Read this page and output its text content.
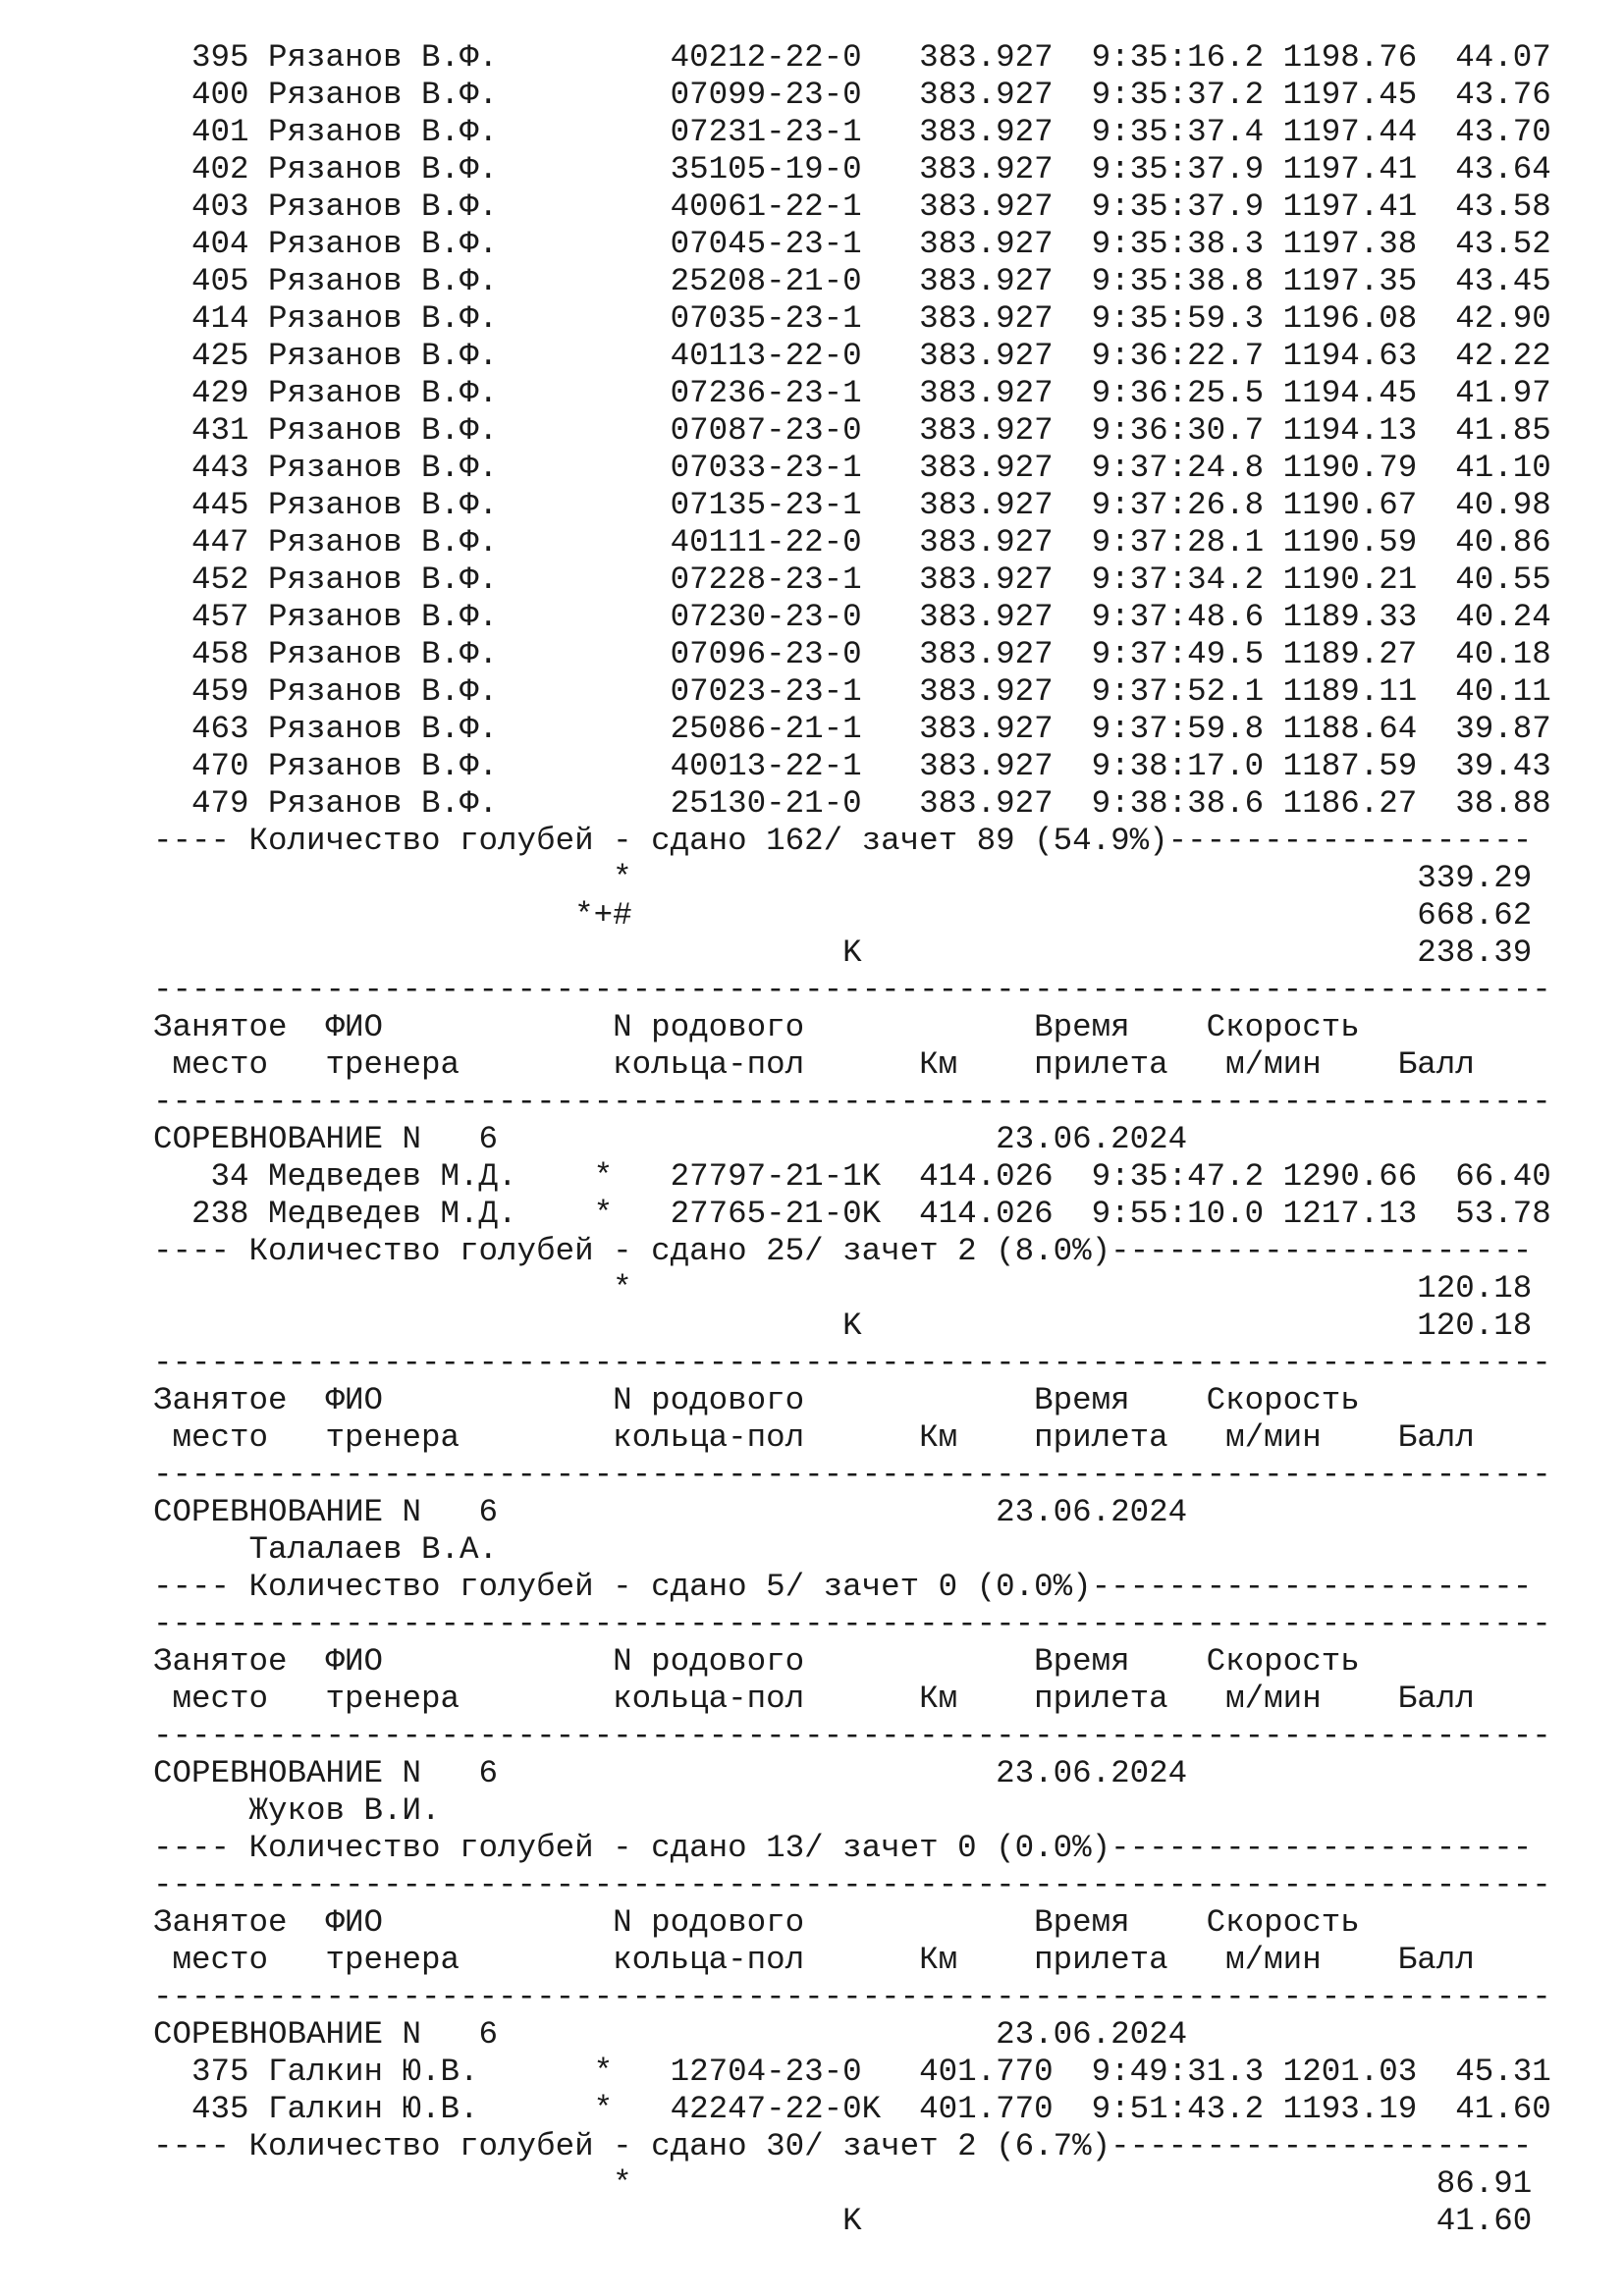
395 Рязанов В.Ф.         40212-22-0   383.927  9:35:16.2 1198.76  44.07
400 Рязанов В.Ф.         07099-23-0   383.927  9:35:37.2 1197.45  43.76
401 Рязанов В.Ф.         07231-23-1   383.927  9:35:37.4 1197.44  43.70
402 Рязанов В.Ф.         35105-19-0   383.927  9:35:37.9 1197.41  43.64
403 Рязанов В.Ф.         40061-22-1   383.927  9:35:37.9 1197.41  43.58
404 Рязанов В.Ф.         07045-23-1   383.927  9:35:38.3 1197.38  43.52
405 Рязанов В.Ф.         25208-21-0   383.927  9:35:38.8 1197.35  43.45
414 Рязанов В.Ф.         07035-23-1   383.927  9:35:59.3 1196.08  42.90
425 Рязанов В.Ф.         40113-22-0   383.927  9:36:22.7 1194.63  42.22
429 Рязанов В.Ф.         07236-23-1   383.927  9:36:25.5 1194.45  41.97
431 Рязанов В.Ф.         07087-23-0   383.927  9:36:30.7 1194.13  41.85
443 Рязанов В.Ф.         07033-23-1   383.927  9:37:24.8 1190.79  41.10
445 Рязанов В.Ф.         07135-23-1   383.927  9:37:26.8 1190.67  40.98
447 Рязанов В.Ф.         40111-22-0   383.927  9:37:28.1 1190.59  40.86
452 Рязанов В.Ф.         07228-23-1   383.927  9:37:34.2 1190.21  40.55
457 Рязанов В.Ф.         07230-23-0   383.927  9:37:48.6 1189.33  40.24
458 Рязанов В.Ф.         07096-23-0   383.927  9:37:49.5 1189.27  40.18
459 Рязанов В.Ф.         07023-23-1   383.927  9:37:52.1 1189.11  40.11
463 Рязанов В.Ф.         25086-21-1   383.927  9:37:59.8 1188.64  39.87
470 Рязанов В.Ф.         40013-22-1   383.927  9:38:17.0 1187.59  39.43
479 Рязанов В.Ф.         25130-21-0   383.927  9:38:38.6 1186.27  38.88
---- Количество голубей - сдано 162/ зачет 89 (54.9%)-------------------
*                                         339.29
*+#                                         668.62
K                             238.39
-------------------------------------------------------------------------
Занятое  ФИО            N родового            Время    Скорость
место   тренера        кольца-пол      Км    прилета   м/мин    Балл
-------------------------------------------------------------------------
СОРЕВНОВАНИЕ N   6                          23.06.2024
34 Медведев М.Д.    *   27797-21-1K  414.026  9:35:47.2 1290.66  66.40
238 Медведев М.Д.    *   27765-21-0K  414.026  9:55:10.0 1217.13  53.78
---- Количество голубей - сдано 25/ зачет 2 (8.0%)----------------------
*                                         120.18
K                             120.18
-------------------------------------------------------------------------
Занятое  ФИО            N родового            Время    Скорость
место   тренера        кольца-пол      Км    прилета   м/мин    Балл
-------------------------------------------------------------------------
СОРЕВНОВАНИЕ N   6                          23.06.2024
Талалаев В.А.
---- Количество голубей - сдано 5/ зачет 0 (0.0%)-----------------------
-------------------------------------------------------------------------
Занятое  ФИО            N родового            Время    Скорость
место   тренера        кольца-пол      Км    прилета   м/мин    Балл
-------------------------------------------------------------------------
СОРЕВНОВАНИЕ N   6                          23.06.2024
Жуков В.И.
---- Количество голубей - сдано 13/ зачет 0 (0.0%)----------------------
-------------------------------------------------------------------------
Занятое  ФИО            N родового            Время    Скорость
место   тренера        кольца-пол      Км    прилета   м/мин    Балл
-------------------------------------------------------------------------
СОРЕВНОВАНИЕ N   6                          23.06.2024
375 Галкин Ю.В.      *   12704-23-0   401.770  9:49:31.3 1201.03  45.31
435 Галкин Ю.В.      *   42247-22-0K  401.770  9:51:43.2 1193.19  41.60
---- Количество голубей - сдано 30/ зачет 2 (6.7%)----------------------
*                                          86.91
K                              41.60
